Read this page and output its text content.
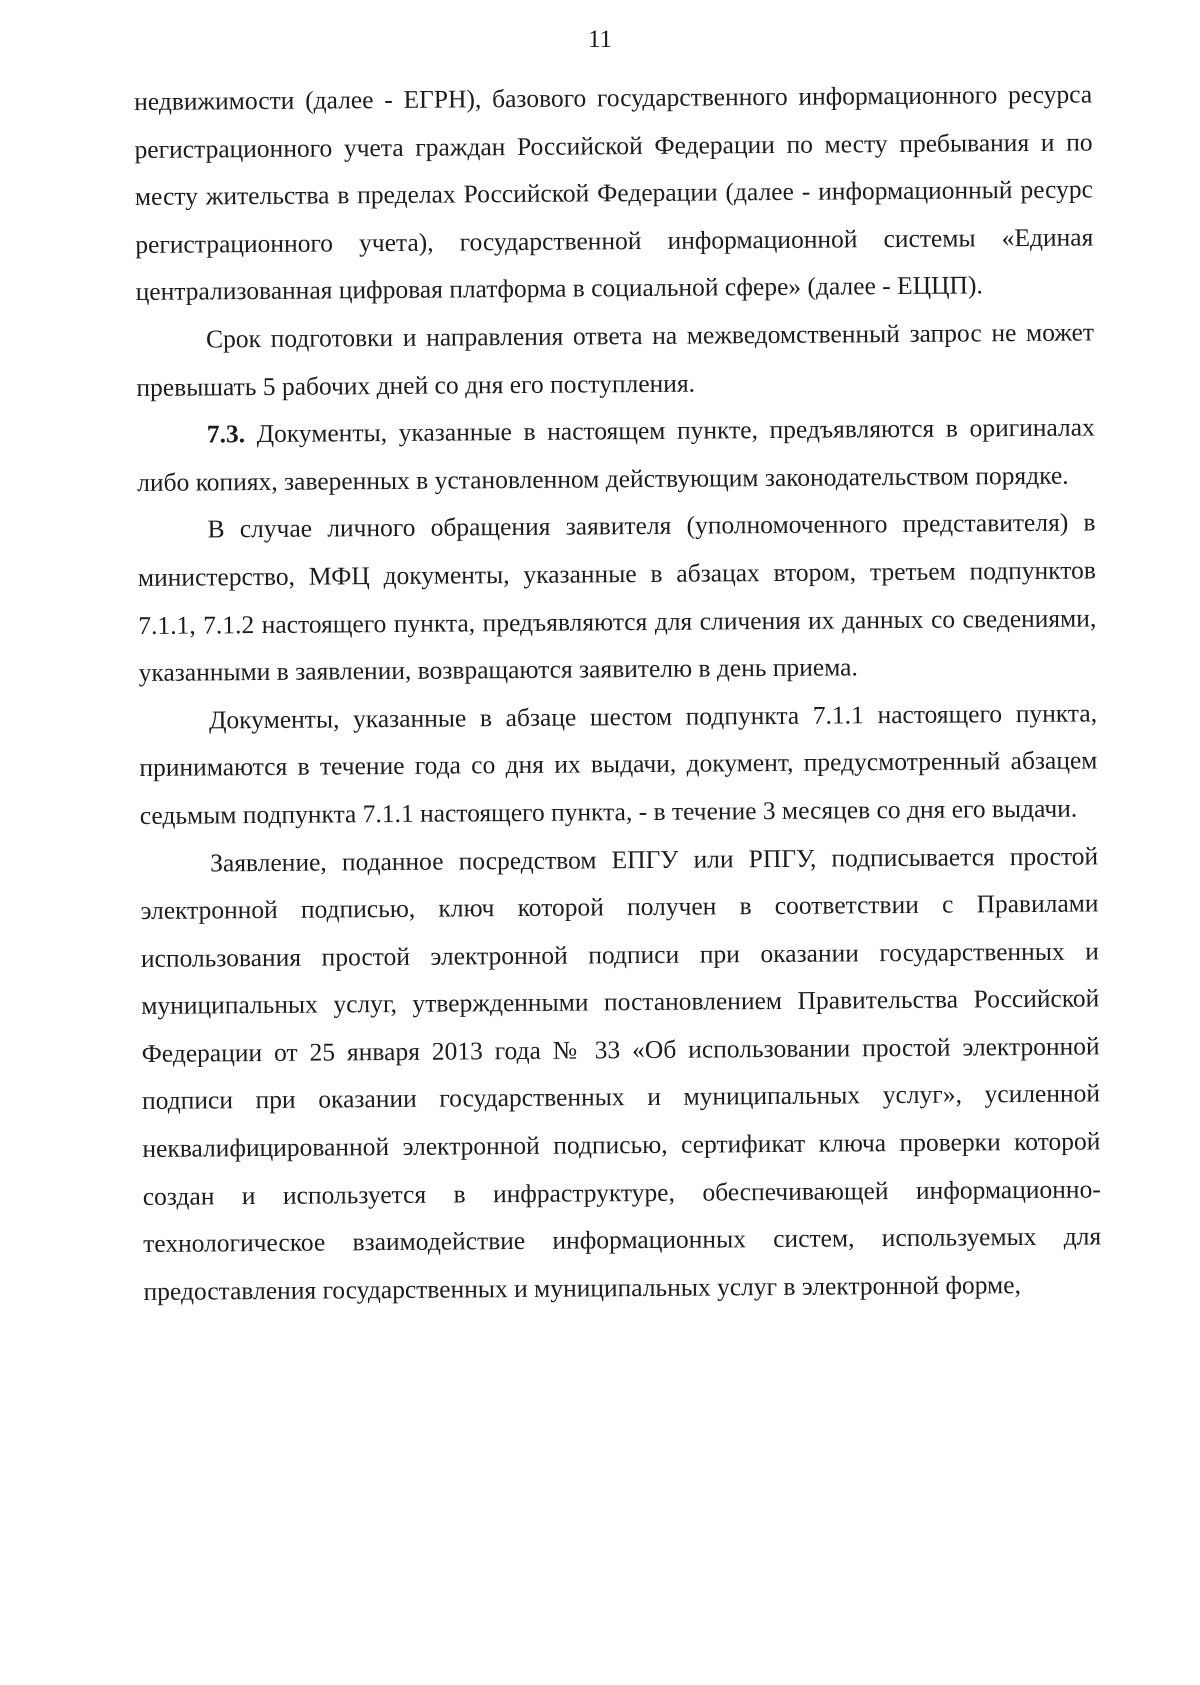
11

недвижимости (далее - ЕГРН), базового государственного информационного ресурса регистрационного учета граждан Российской Федерации по месту пребывания и по месту жительства в пределах Российской Федерации (далее - информационный ресурс регистрационного учета), государственной информационной системы «Единая централизованная цифровая платформа в социальной сфере» (далее - ЕЦЦП).

Срок подготовки и направления ответа на межведомственный запрос не может превышать 5 рабочих дней со дня его поступления.

7.3. Документы, указанные в настоящем пункте, предъявляются в оригиналах либо копиях, заверенных в установленном действующим законодательством порядке.

В случае личного обращения заявителя (уполномоченного представителя) в министерство, МФЦ документы, указанные в абзацах втором, третьем подпунктов 7.1.1, 7.1.2 настоящего пункта, предъявляются для сличения их данных со сведениями, указанными в заявлении, возвращаются заявителю в день приема.

Документы, указанные в абзаце шестом подпункта 7.1.1 настоящего пункта, принимаются в течение года со дня их выдачи, документ, предусмотренный абзацем седьмым подпункта 7.1.1 настоящего пункта, - в течение 3 месяцев со дня его выдачи.

Заявление, поданное посредством ЕПГУ или РПГУ, подписывается простой электронной подписью, ключ которой получен в соответствии с Правилами использования простой электронной подписи при оказании государственных и муниципальных услуг, утвержденными постановлением Правительства Российской Федерации от 25 января 2013 года № 33 «Об использовании простой электронной подписи при оказании государственных и муниципальных услуг», усиленной неквалифицированной электронной подписью, сертификат ключа проверки которой создан и используется в инфраструктуре, обеспечивающей информационно-технологическое взаимодействие информационных систем, используемых для предоставления государственных и муниципальных услуг в электронной форме,
